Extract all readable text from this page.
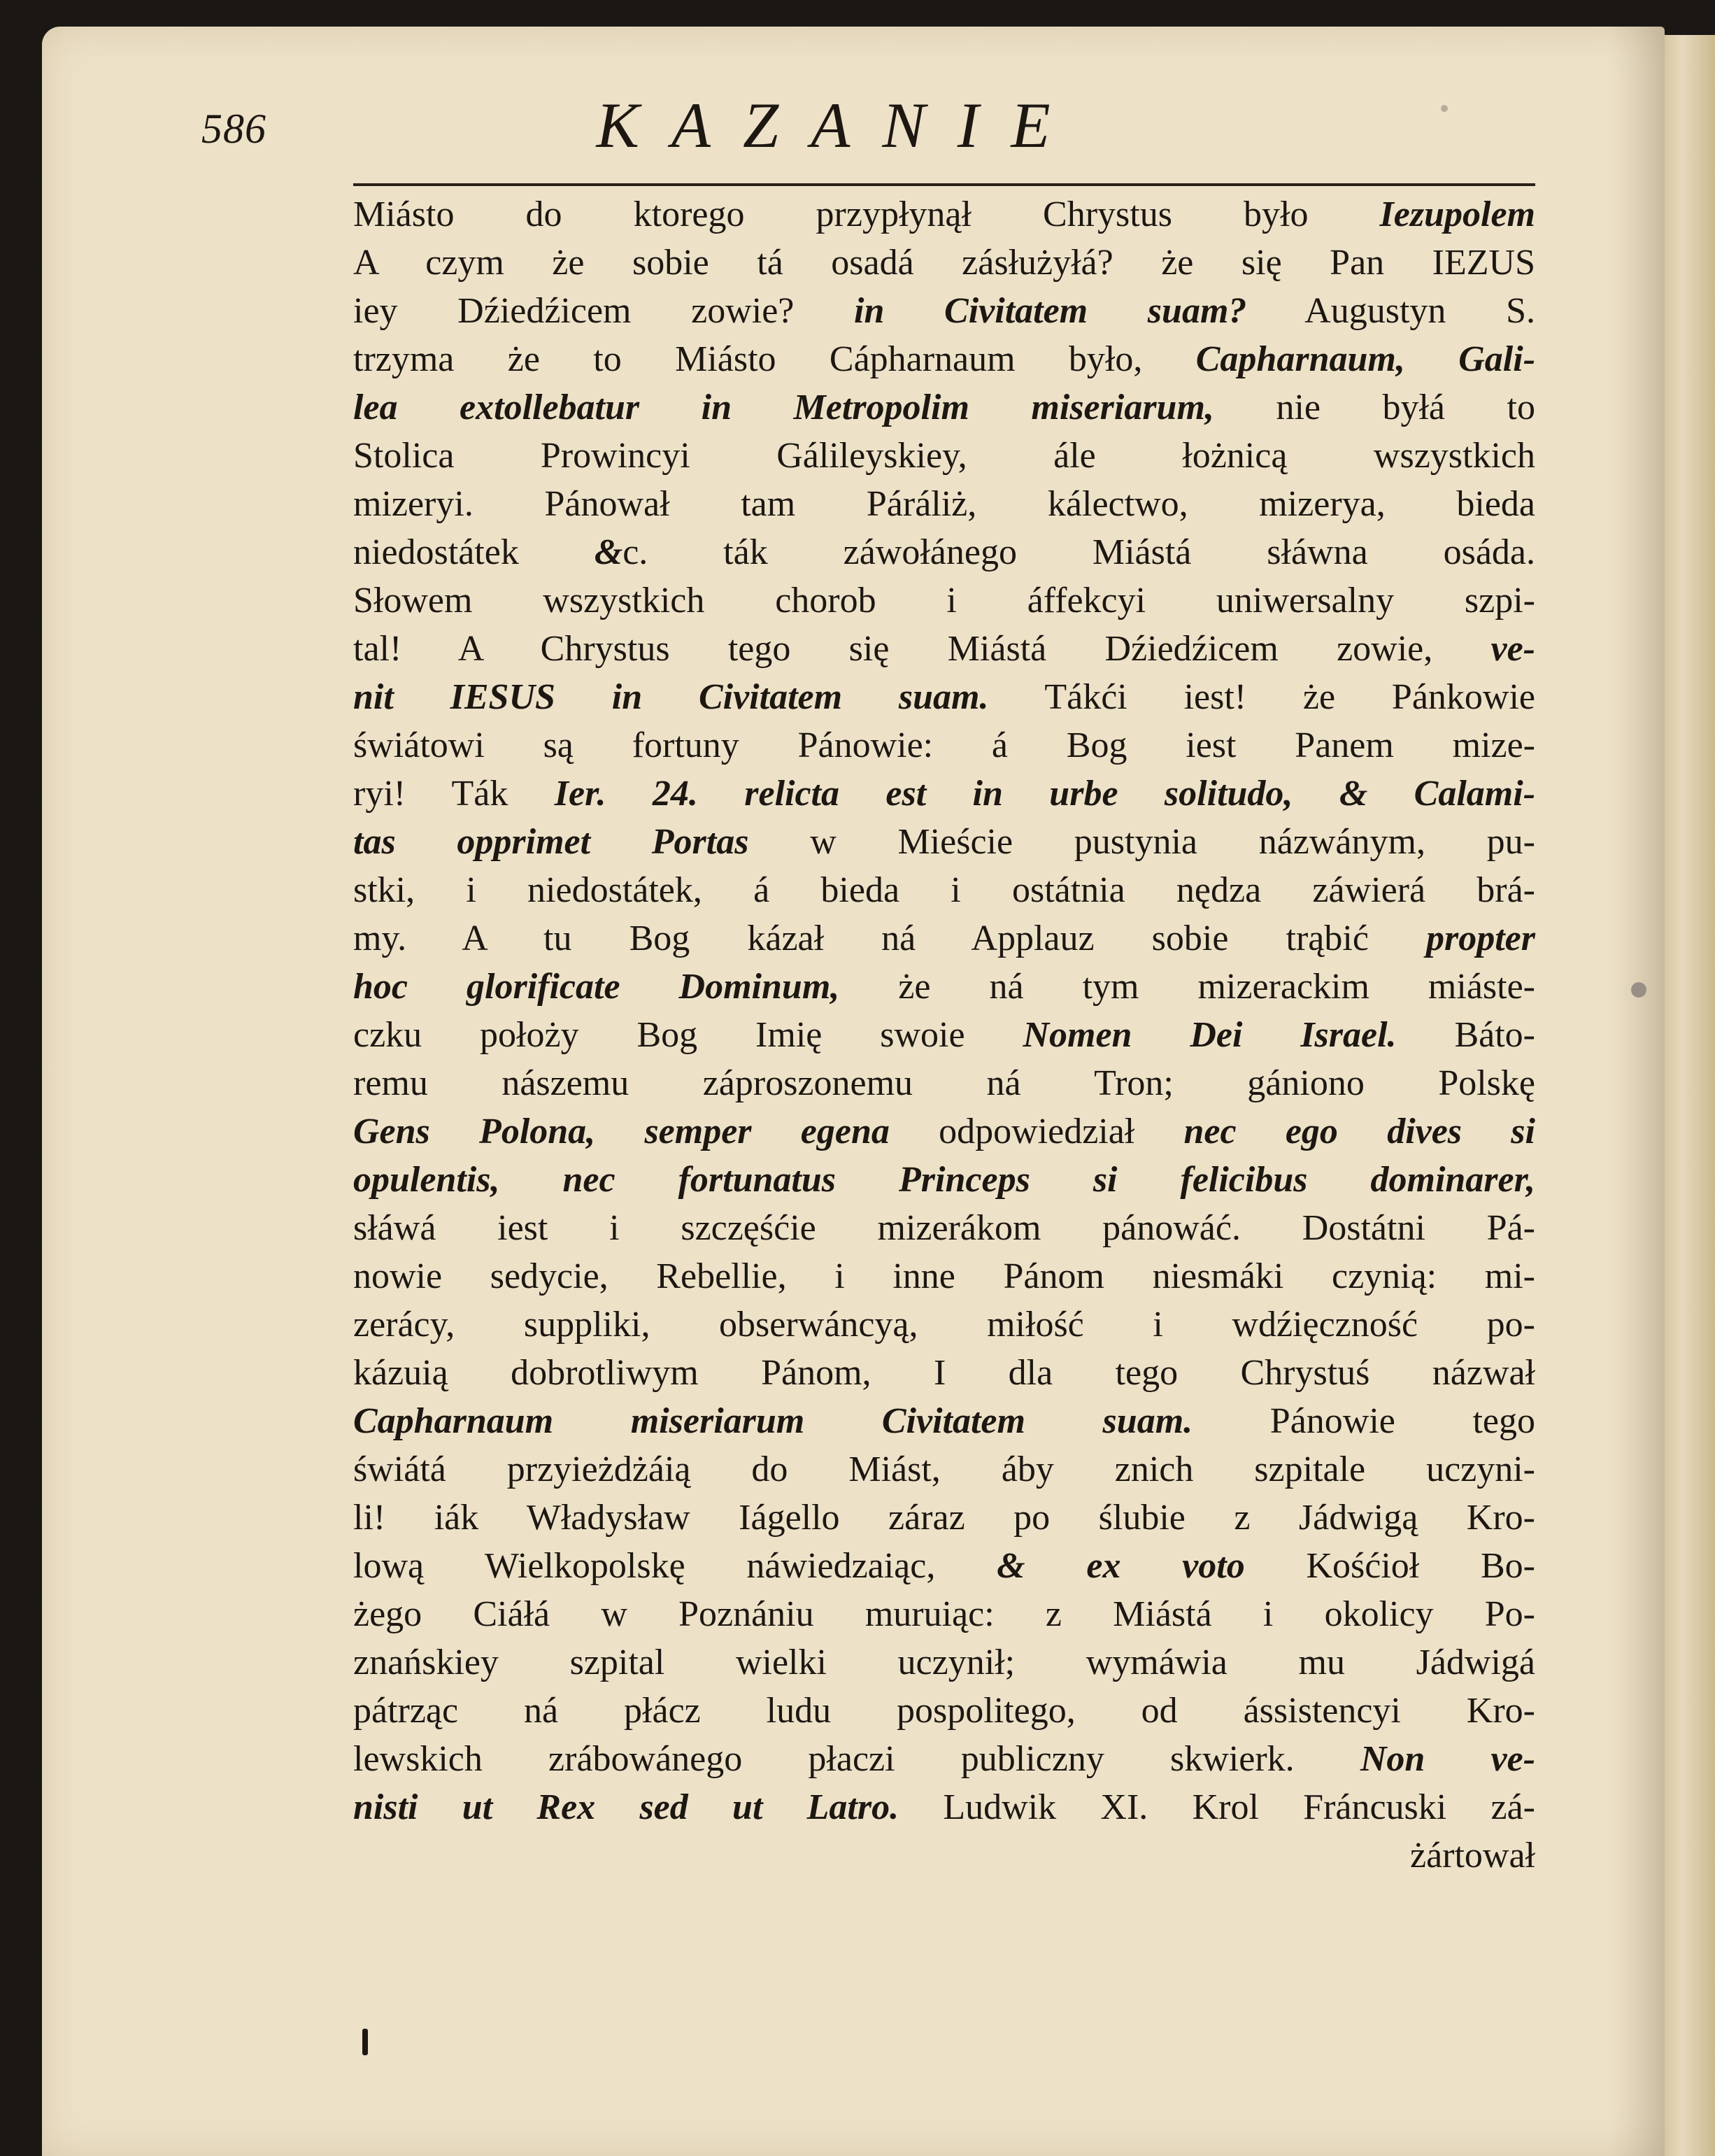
586	KAZANIE
Miásto do ktorego przypłynął Chrystus było Iezupolem
A czym że sobie tá osadá zásłużyłá? że się Pan IEZUS
iey Dźiedźicem zowie? in Civitatem suam? Augustyn S.
trzyma że to Miásto Cápharnaum było, Capharnaum, Gali-
lea extollebatur in Metropolim miseriarum, nie byłá to
Stolica Prowincyi Gálileyskiey, ále łożnicą wszystkich
mizeryi. Pánował tam Páráliż, kálectwo, mizerya, bieda
niedostátek &c. ták záwołánego Miástá słáwna osáda.
Słowem wszystkich chorob i áffekcyi uniwersalny szpi-
tal! A Chrystus tego się Miástá Dźiedźicem zowie, ve-
nit IESUS in Civitatem suam. Tákći iest! że Pánkowie
świátowi są fortuny Pánowie: á Bog iest Panem mize-
ryi! Ták Ier. 24. relicta est in urbe solitudo, & Calami-
tas opprimet Portas w Mieście pustynia názwánym, pu-
stki, i niedostátek, á bieda i ostátnia nędza záwierá brá-
my. A tu Bog kázał ná Applauz sobie trąbić propter
hoc glorificate Dominum, że ná tym mizerackim miáste-
czku położy Bog Imię swoie Nomen Dei Israel. Báto-
remu nászemu záproszonemu ná Tron; gániono Polskę
Gens Polona, semper egena odpowiedział nec ego dives si
opulentis, nec fortunatus Princeps si felicibus dominarer,
słáwá iest i szczęśćie mizerákom pánowáć. Dostátni Pá-
nowie sedycie, Rebellie, i inne Pánom niesmáki czynią: mi-
zerácy, suppliki, obserwáncyą, miłość i wdźięczność po-
kázuią dobrotliwym Pánom, I dla tego Chrystuś názwał
Capharnaum miseriarum Civitatem suam. Pánowie tego
świátá przyieżdżáią do Miást, áby znich szpitale uczyni-
li! iák Władysław Iágello záraz po ślubie z Jádwigą Kro-
lową Wielkopolskę náwiedzaiąc, & ex voto Kośćioł Bo-
żego Ciáłá w Poznániu muruiąc: z Miástá i okolicy Po-
znańskiey szpital wielki uczynił; wymáwia mu Jádwigá
pátrząc ná płácz ludu pospolitego, od ássistencyi Kro-
lewskich zrábowánego płaczi publiczny skwierk. Non ve-
nisti ut Rex sed ut Latro. Ludwik XI. Krol Fráncuski zá-
żártował
